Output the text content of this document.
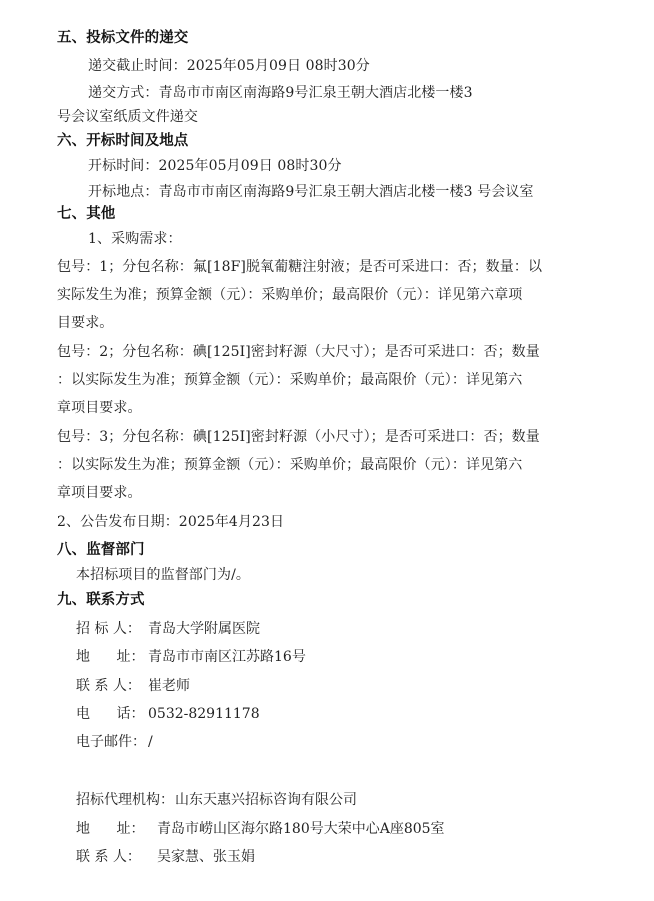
五、投标文件的递交
递交截止时间：2025年05月09日 08时30分
递交方式：青岛市市南区南海路9号汇泉王朝大酒店北楼一楼3
号会议室纸质文件递交
六、开标时间及地点
开标时间：2025年05月09日 08时30分
开标地点：青岛市市南区南海路9号汇泉王朝大酒店北楼一楼3 号会议室
七、其他
1、采购需求：
包号：1；分包名称：氟[18F]脱氧葡糖注射液；是否可采进口：否；数量：以
实际发生为准；预算金额（元）：采购单价；最高限价（元）：详见第六章项
目要求。
包号：2；分包名称：碘[125I]密封籽源（大尺寸）；是否可采进口：否；数量
：以实际发生为准；预算金额（元）：采购单价；最高限价（元）：详见第六
章项目要求。
包号：3；分包名称：碘[125I]密封籽源（小尺寸）；是否可采进口：否；数量
：以实际发生为准；预算金额（元）：采购单价；最高限价（元）：详见第六
章项目要求。
2、公告发布日期：2025年4月23日
八、监督部门
本招标项目的监督部门为/。
九、联系方式
招 标 人： 青岛大学附属医院
地 址： 青岛市市南区江苏路16号
联 系 人： 崔老师
电 话： 0532-82911178
电子邮件： /
招标代理机构： 山东天惠兴招标咨询有限公司
地 址： 青岛市崂山区海尔路180号大荣中心A座805室
联 系 人： 吴家慧、张玉娟
